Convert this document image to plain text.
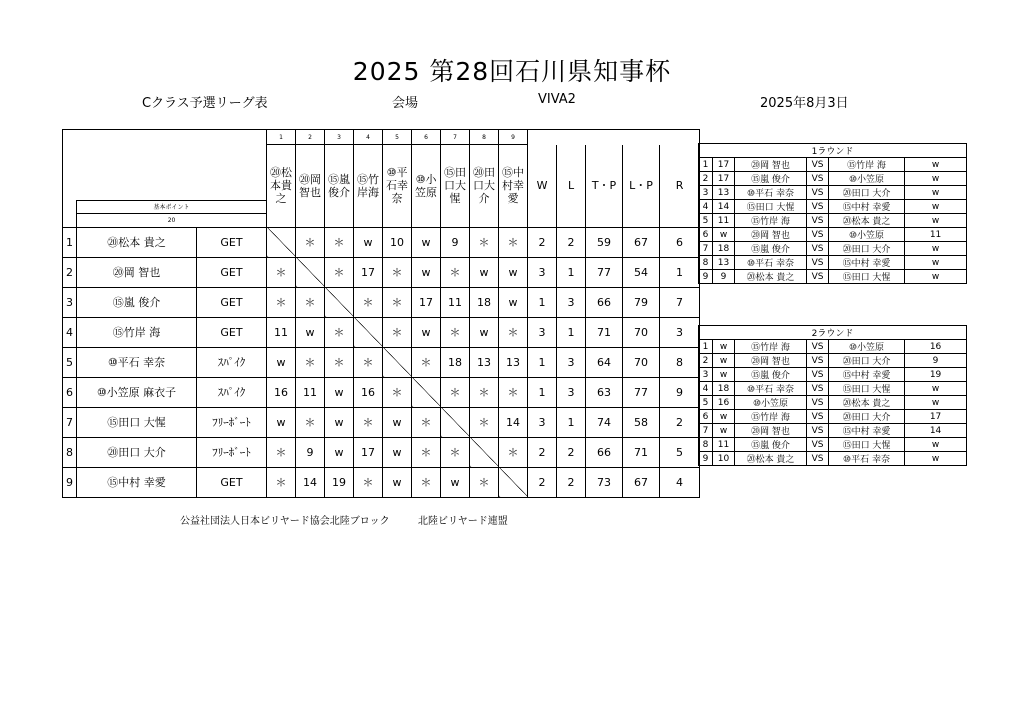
2025 第28回石川県知事杯
Cクラス予選リーグ表	会場	VIVA2	2025年8月3日
			1	2	3	4	5	6	7	8	9					
			⑳松本貴之	⑳岡智也	⑮嵐俊介	⑮竹岸海	⑩平石幸奈	⑩小笠原	⑮田口大惺	⑳田口大介	⑮中村幸愛	W	L	T・P	L・P	R
	基本ポイント															
	20															
1	⑳松本 貴之	GET		＊	＊	w	10	w	9	＊	＊	2	2	59	67	6
2	⑳岡 智也	GET	＊		＊	17	＊	w	＊	w	w	3	1	77	54	1
3	⑮嵐 俊介	GET	＊	＊		＊	＊	17	11	18	w	1	3	66	79	7
4	⑮竹岸 海	GET	11	w	＊		＊	w	＊	w	＊	3	1	71	70	3
5	⑩平石 幸奈	ｽﾊﾟｲｸ	w	＊	＊	＊		＊	18	13	13	1	3	64	70	8
6	⑩小笠原 麻衣子	ｽﾊﾟｲｸ	16	11	w	16	＊		＊	＊	＊	1	3	63	77	9
7	⑮田口 大惺	ﾌﾘｰﾎﾞｰﾄ	w	＊	w	＊	w	＊		＊	14	3	1	74	58	2
8	⑳田口 大介	ﾌﾘｰﾎﾞｰﾄ	＊	9	w	17	w	＊	＊		＊	2	2	66	71	5
9	⑮中村 幸愛	GET	＊	14	19	＊	w	＊	w	＊		2	2	73	67	4
1ラウンド					
1	17	⑳岡 智也	VS	⑮竹岸 海	w
2	17	⑮嵐 俊介	VS	⑩小笠原	w
3	13	⑩平石 幸奈	VS	⑳田口 大介	w
4	14	⑮田口 大惺	VS	⑮中村 幸愛	w
5	11	⑮竹岸 海	VS	⑳松本 貴之	w
6	w	⑳岡 智也	VS	⑩小笠原	11
7	18	⑮嵐 俊介	VS	⑳田口 大介	w
8	13	⑩平石 幸奈	VS	⑮中村 幸愛	w
9	9	⑳松本 貴之	VS	⑮田口 大惺	w
2ラウンド					
1	w	⑮竹岸 海	VS	⑩小笠原	16
2	w	⑳岡 智也	VS	⑳田口 大介	9
3	w	⑮嵐 俊介	VS	⑮中村 幸愛	19
4	18	⑩平石 幸奈	VS	⑮田口 大惺	w
5	16	⑩小笠原	VS	⑳松本 貴之	w
6	w	⑮竹岸 海	VS	⑳田口 大介	17
7	w	⑳岡 智也	VS	⑮中村 幸愛	14
8	11	⑮嵐 俊介	VS	⑮田口 大惺	w
9	10	⑳松本 貴之	VS	⑩平石 幸奈	w
公益社団法人日本ビリヤード協会北陸ブロック	北陸ビリヤード連盟
